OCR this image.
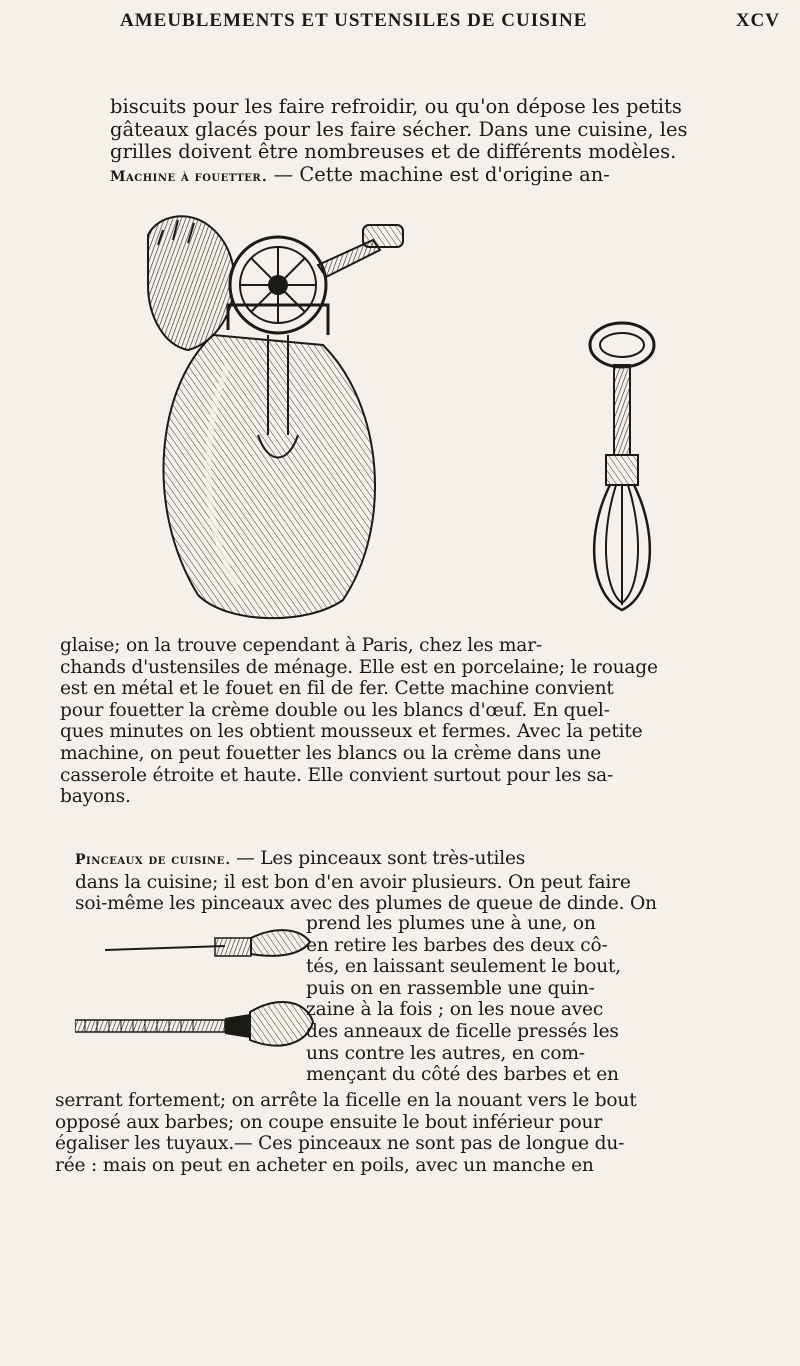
AMEUBLEMENTS ET USTENSILES DE CUISINE	XCV
biscuits pour les faire refroidir, ou qu'on dépose les petits
gâteaux glacés pour les faire sécher. Dans une cuisine, les
grilles doivent être nombreuses et de différents modèles.
Machine à fouetter. — Cette machine est d'origine an-
glaise; on la trouve cependant à Paris, chez les mar-
chands d'ustensiles de ménage. Elle est en porcelaine; le rouage
est en métal et le fouet en fil de fer. Cette machine convient
pour fouetter la crème double ou les blancs d'œuf. En quel-
ques minutes on les obtient mousseux et fermes. Avec la petite
machine, on peut fouetter les blancs ou la crème dans une
casserole étroite et haute. Elle convient surtout pour les sa-
bayons.
Pinceaux de cuisine. — Les pinceaux sont très-utiles
dans la cuisine; il est bon d'en avoir plusieurs. On peut faire
soi-même les pinceaux avec des plumes de queue de dinde. On
prend les plumes une à une, on
en retire les barbes des deux cô-
tés, en laissant seulement le bout,
puis on en rassemble une quin-
zaine à la fois ; on les noue avec
des anneaux de ficelle pressés les
uns contre les autres, en com-
mençant du côté des barbes et en
serrant fortement; on arrête la ficelle en la nouant vers le bout
opposé aux barbes; on coupe ensuite le bout inférieur pour
égaliser les tuyaux.— Ces pinceaux ne sont pas de longue du-
rée : mais on peut en acheter en poils, avec un manche en
